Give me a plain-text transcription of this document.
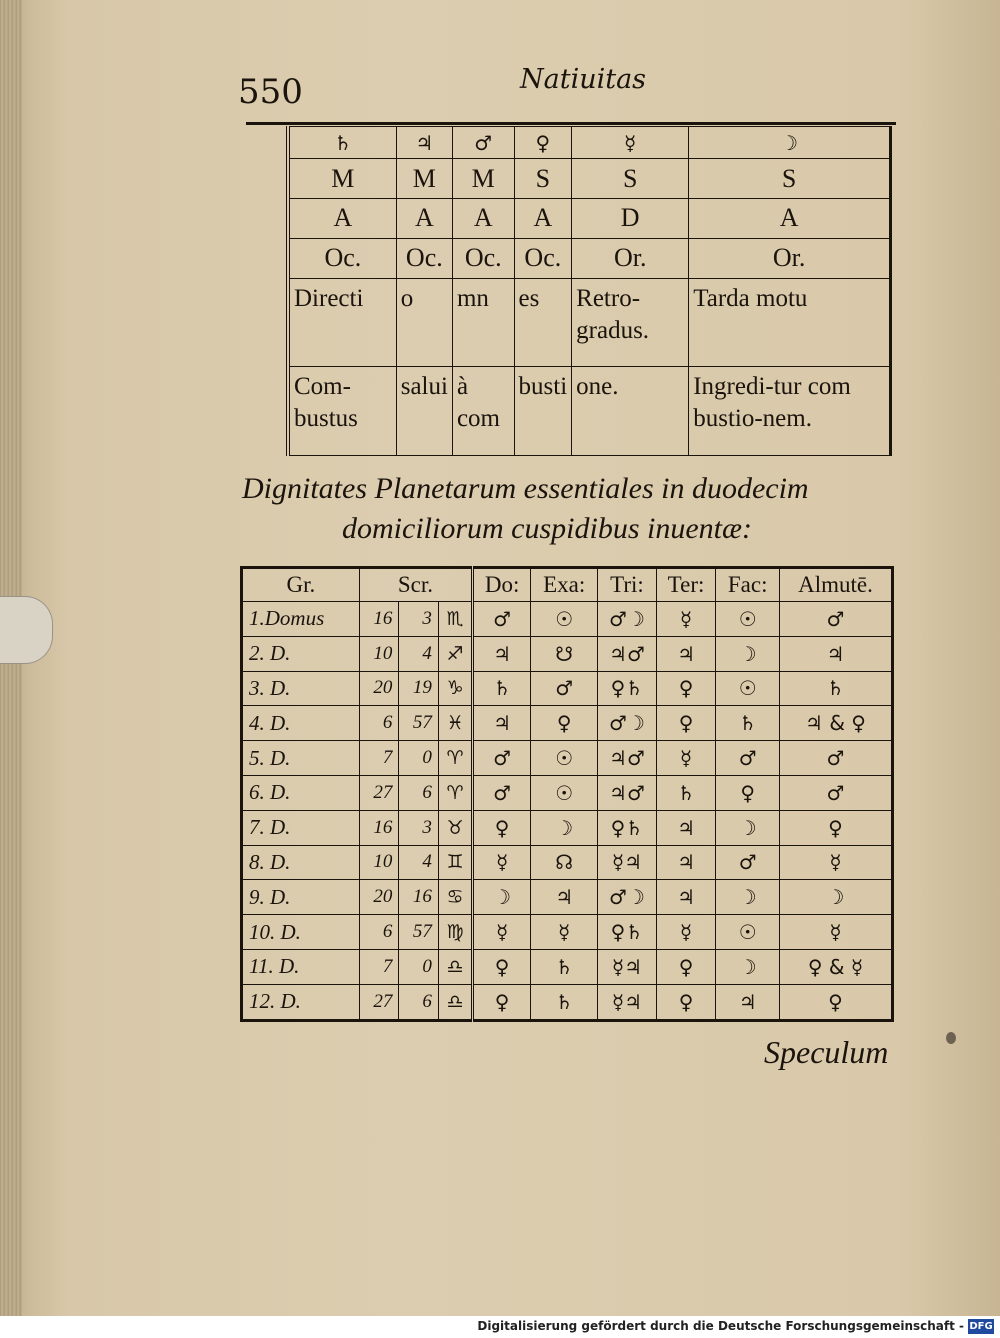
550	Natiuitas
♄	♃	♂	♀	☿	☽
M	M	M	S	S	S
A	A	A	A	D	A
Oc.	Oc.	Oc.	Oc.	Or.	Or.
Directi	o	mn	es	Retro-gradus.	Tarda motu
Com-bustus	salui	à com	busti	one.	Ingredi-tur com bustio-nem.
Dignitates Planetarum essentiales in duodecim
domiciliorum cuspidibus inuentæ:
Gr.	Scr.			Do:	Exa:	Tri:	Ter:	Fac:	Almutē.
1.Domus	16	3	♏	♂	☉	♂☽	☿	☉	♂
2. D.	10	4	♐	♃	☋	♃♂	♃	☽	♃
3. D.	20	19	♑	♄	♂	♀♄	♀	☉	♄
4. D.	6	57	♓	♃	♀	♂☽	♀	♄	♃ & ♀
5. D.	7	0	♈	♂	☉	♃♂	☿	♂	♂
6. D.	27	6	♈	♂	☉	♃♂	♄	♀	♂
7. D.	16	3	♉	♀	☽	♀♄	♃	☽	♀
8. D.	10	4	♊	☿	☊	☿♃	♃	♂	☿
9. D.	20	16	♋	☽	♃	♂☽	♃	☽	☽
10. D.	6	57	♍	☿	☿	♀♄	☿	☉	☿
11. D.	7	0	♎	♀	♄	☿♃	♀	☽	♀ & ☿
12. D.	27	6	♎	♀	♄	☿♃	♀	♃	♀
Speculum
Digitalisierung gefördert durch die Deutsche Forschungsgemeinschaft - DFG
